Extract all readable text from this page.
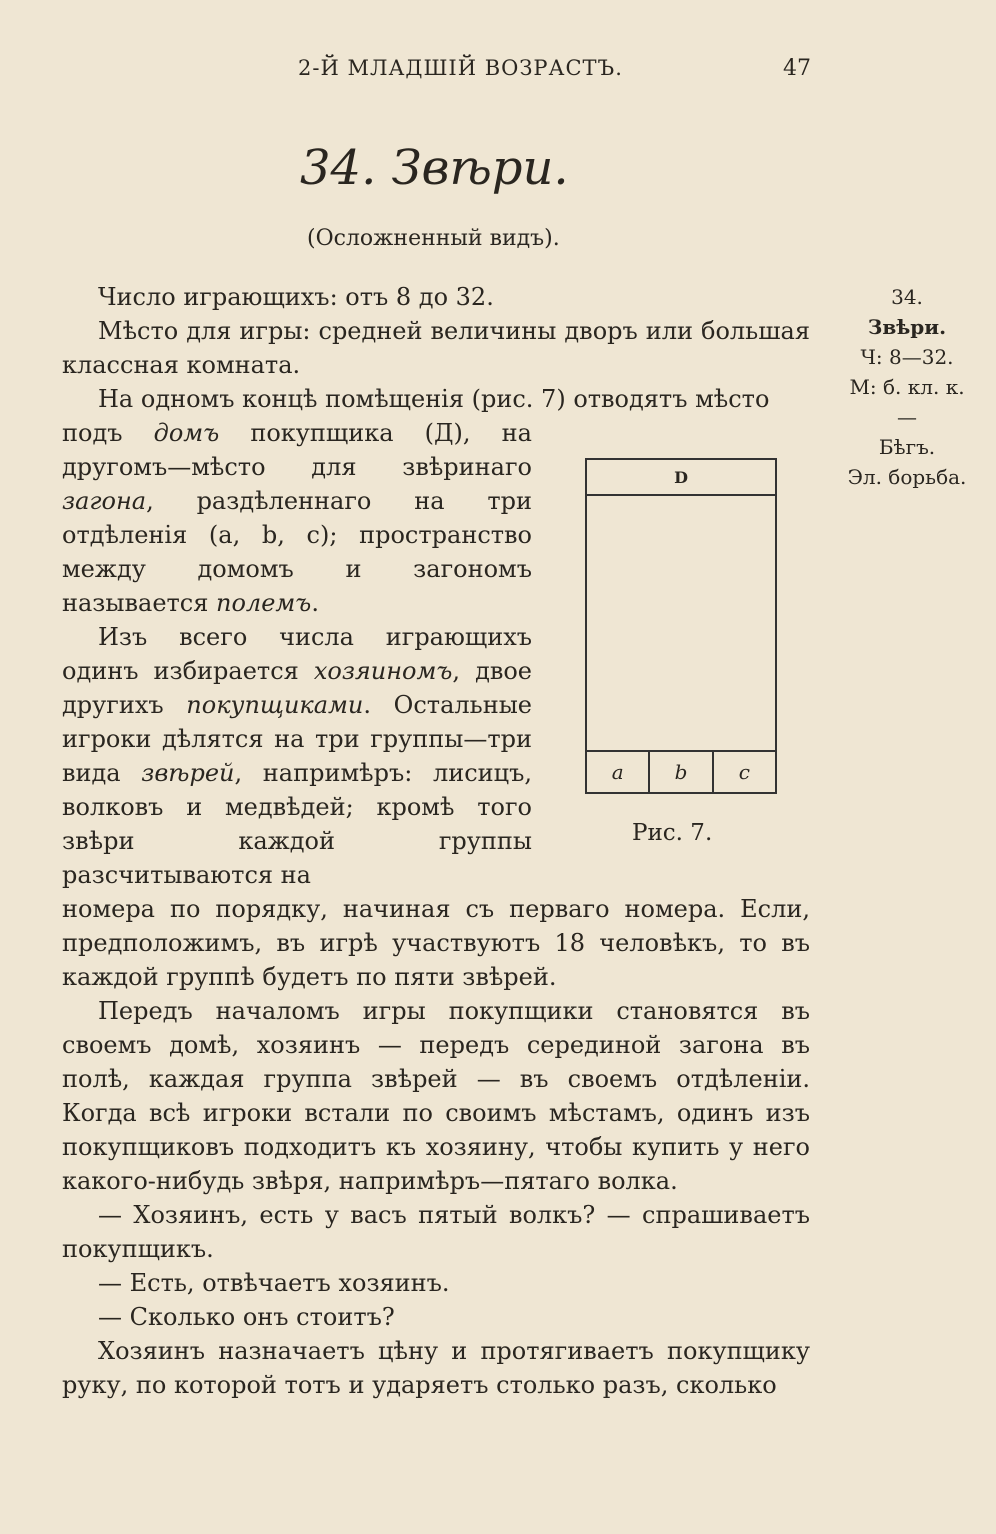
2-Й МЛАДШІЙ ВОЗРАСТЪ.	47
34. Звѣри.
(Осложненный видъ).
34.
Звѣри.
Ч: 8—32.
М: б. кл. к.
—
Бѣгъ.
Эл. борьба.

Число играющихъ: отъ 8 до 32.

Мѣсто для игры: средней величины дворъ или большая классная комната.

На одномъ концѣ помѣщенія (рис. 7) отводятъ мѣсто

подъ домъ покупщика (Д), на другомъ—мѣсто для звѣринаго загона, раздѣленнаго на три отдѣленія (a, b, c); пространство между домомъ и загономъ называется полемъ.

Изъ всего числа играющихъ одинъ избирается хозяиномъ, двое другихъ покупщиками. Остальные игроки дѣлятся на три группы—три вида звѣрей, напримѣръ: лисицъ, волковъ и медвѣдей; кромѣ того звѣри каждой группы разсчитываются на

номера по порядку, начиная съ перваго номера. Если, предположимъ, въ игрѣ участвуютъ 18 человѣкъ, то въ каждой группѣ будетъ по пяти звѣрей.

Передъ началомъ игры покупщики становятся въ своемъ домѣ, хозяинъ — передъ серединой загона въ полѣ, каждая группа звѣрей — въ своемъ отдѣленіи. Когда всѣ игроки встали по своимъ мѣстамъ, одинъ изъ покупщиковъ подходитъ къ хозяину, чтобы купить у него какого-нибудь звѣря, напримѣръ—пятаго волка.

— Хозяинъ, есть у васъ пятый волкъ? — спрашиваетъ покупщикъ.

— Есть, отвѣчаетъ хозяинъ.

— Сколько онъ стоитъ?

Хозяинъ назначаетъ цѣну и протягиваетъ покупщику руку, по которой тотъ и ударяетъ столько разъ, сколько

D
a	b	c
Рис. 7.
